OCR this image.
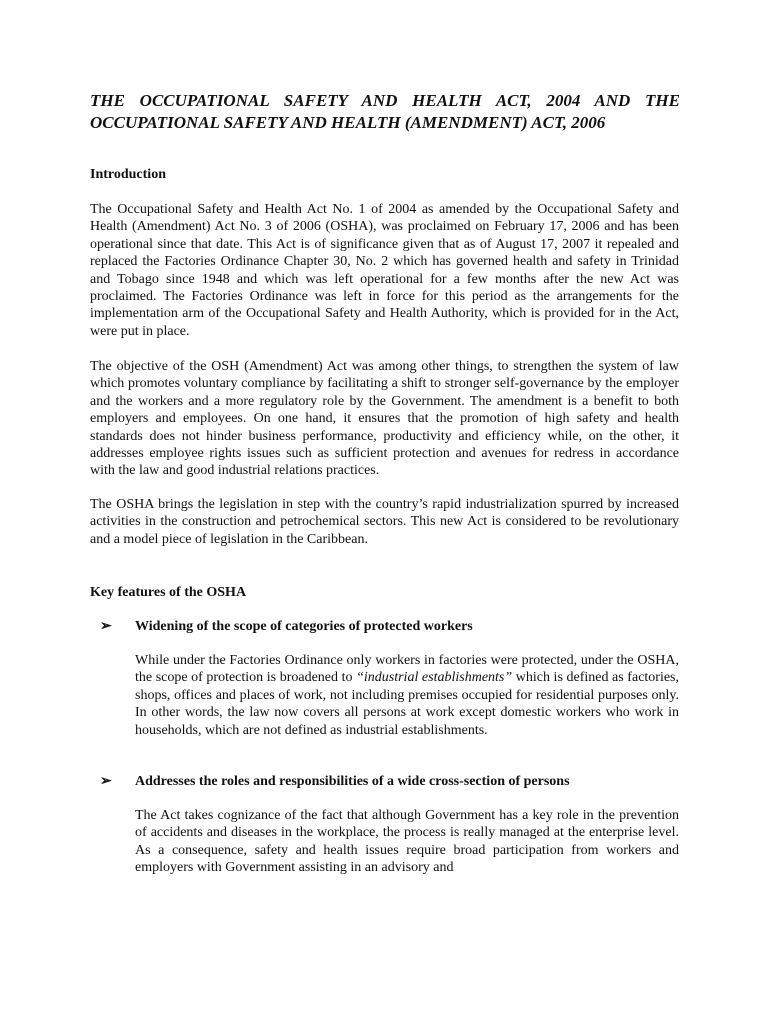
THE OCCUPATIONAL SAFETY AND HEALTH ACT, 2004 AND THE OCCUPATIONAL SAFETY AND HEALTH (AMENDMENT) ACT, 2006
Introduction

The Occupational Safety and Health Act No. 1 of 2004 as amended by the Occupational Safety and Health (Amendment) Act No. 3 of 2006 (OSHA), was proclaimed on February 17, 2006 and has been operational since that date. This Act is of significance given that as of August 17, 2007 it repealed and replaced the Factories Ordinance Chapter 30, No. 2 which has governed health and safety in Trinidad and Tobago since 1948 and which was left operational for a few months after the new Act was proclaimed. The Factories Ordinance was left in force for this period as the arrangements for the implementation arm of the Occupational Safety and Health Authority, which is provided for in the Act, were put in place.

The objective of the OSH (Amendment) Act was among other things, to strengthen the system of law which promotes voluntary compliance by facilitating a shift to stronger self-governance by the employer and the workers and a more regulatory role by the Government. The amendment is a benefit to both employers and employees. On one hand, it ensures that the promotion of high safety and health standards does not hinder business performance, productivity and efficiency while, on the other, it addresses employee rights issues such as sufficient protection and avenues for redress in accordance with the law and good industrial relations practices.

The OSHA brings the legislation in step with the country’s rapid industrialization spurred by increased activities in the construction and petrochemical sectors. This new Act is considered to be revolutionary and a model piece of legislation in the Caribbean.

Key features of the OSHA
➢ Widening of the scope of categories of protected workers

While under the Factories Ordinance only workers in factories were protected, under the OSHA, the scope of protection is broadened to “industrial establishments” which is defined as factories, shops, offices and places of work, not including premises occupied for residential purposes only. In other words, the law now covers all persons at work except domestic workers who work in households, which are not defined as industrial establishments.

➢ Addresses the roles and responsibilities of a wide cross-section of persons

The Act takes cognizance of the fact that although Government has a key role in the prevention of accidents and diseases in the workplace, the process is really managed at the enterprise level. As a consequence, safety and health issues require broad participation from workers and employers with Government assisting in an advisory and
